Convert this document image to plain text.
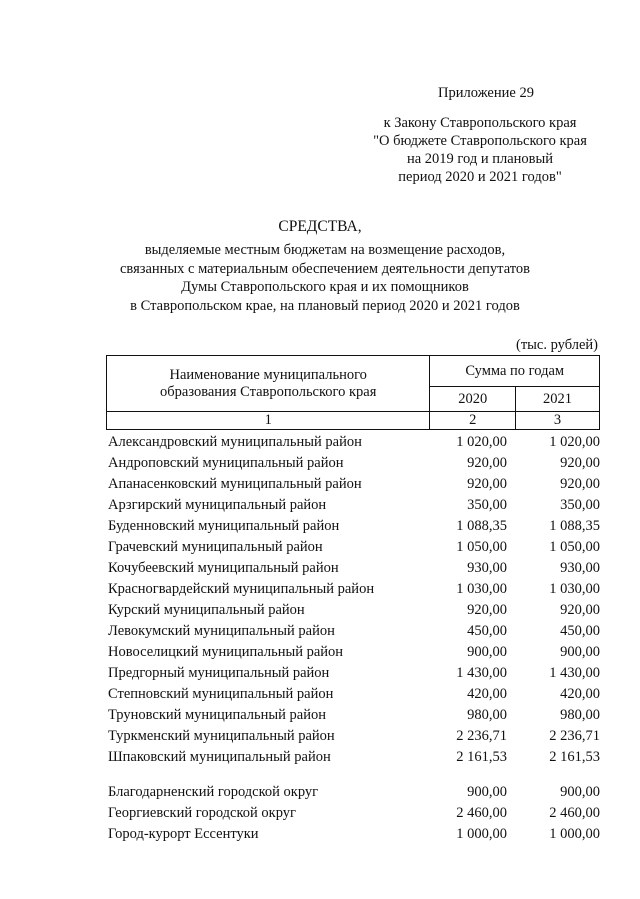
Приложение 29
к Закону Ставропольского края
"О бюджете Ставропольского края
на 2019 год и плановый
период 2020 и 2021 годов"
СРЕДСТВА,
выделяемые местным бюджетам на возмещение расходов,
связанных с материальным обеспечением деятельности депутатов
Думы Ставропольского края и их помощников
в Ставропольском крае, на плановый период 2020 и 2021 годов
(тыс. рублей)
Наименование муниципального образования Ставропольского края	Сумма по годам	
	2020	2021
1	2	3
Александровский муниципальный район	1 020,00	1 020,00
Андроповский муниципальный район	920,00	920,00
Апанасенковский муниципальный район	920,00	920,00
Арзгирский муниципальный район	350,00	350,00
Буденновский муниципальный район	1 088,35	1 088,35
Грачевский муниципальный район	1 050,00	1 050,00
Кочубеевский муниципальный район	930,00	930,00
Красногвардейский муниципальный район	1 030,00	1 030,00
Курский муниципальный район	920,00	920,00
Левокумский муниципальный район	450,00	450,00
Новоселицкий муниципальный район	900,00	900,00
Предгорный муниципальный район	1 430,00	1 430,00
Степновский муниципальный район	420,00	420,00
Труновский муниципальный район	980,00	980,00
Туркменский муниципальный район	2 236,71	2 236,71
Шпаковский муниципальный район	2 161,53	2 161,53
Благодарненский городской округ	900,00	900,00
Георгиевский городской округ	2 460,00	2 460,00
Город-курорт Ессентуки	1 000,00	1 000,00
